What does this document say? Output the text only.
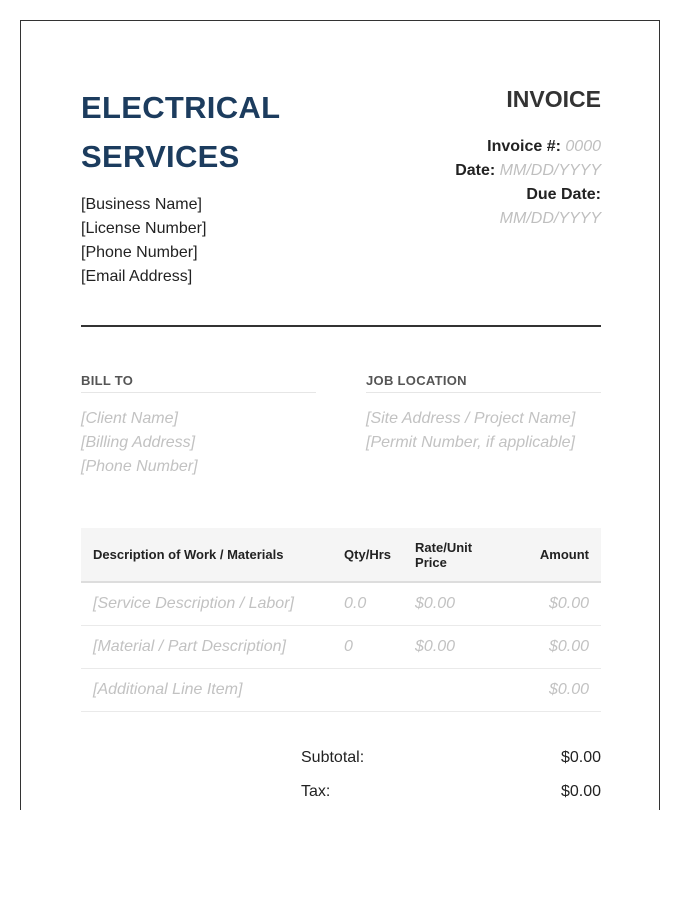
ELECTRICAL
SERVICES
[Business Name]
[License Number]
[Phone Number]
[Email Address]
INVOICE
Invoice #: 0000
Date: MM/DD/YYYY
Due Date:
MM/DD/YYYY
BILL TO
[Client Name]
[Billing Address]
[Phone Number]
JOB LOCATION
[Site Address / Project Name]
[Permit Number, if applicable]
Description of Work / Materials	Qty/Hrs	Rate/Unit Price	Amount
[Service Description / Labor]	0.0	$0.00	$0.00
[Material / Part Description]	0	$0.00	$0.00
[Additional Line Item]			$0.00
Subtotal:	$0.00
Tax:	$0.00
